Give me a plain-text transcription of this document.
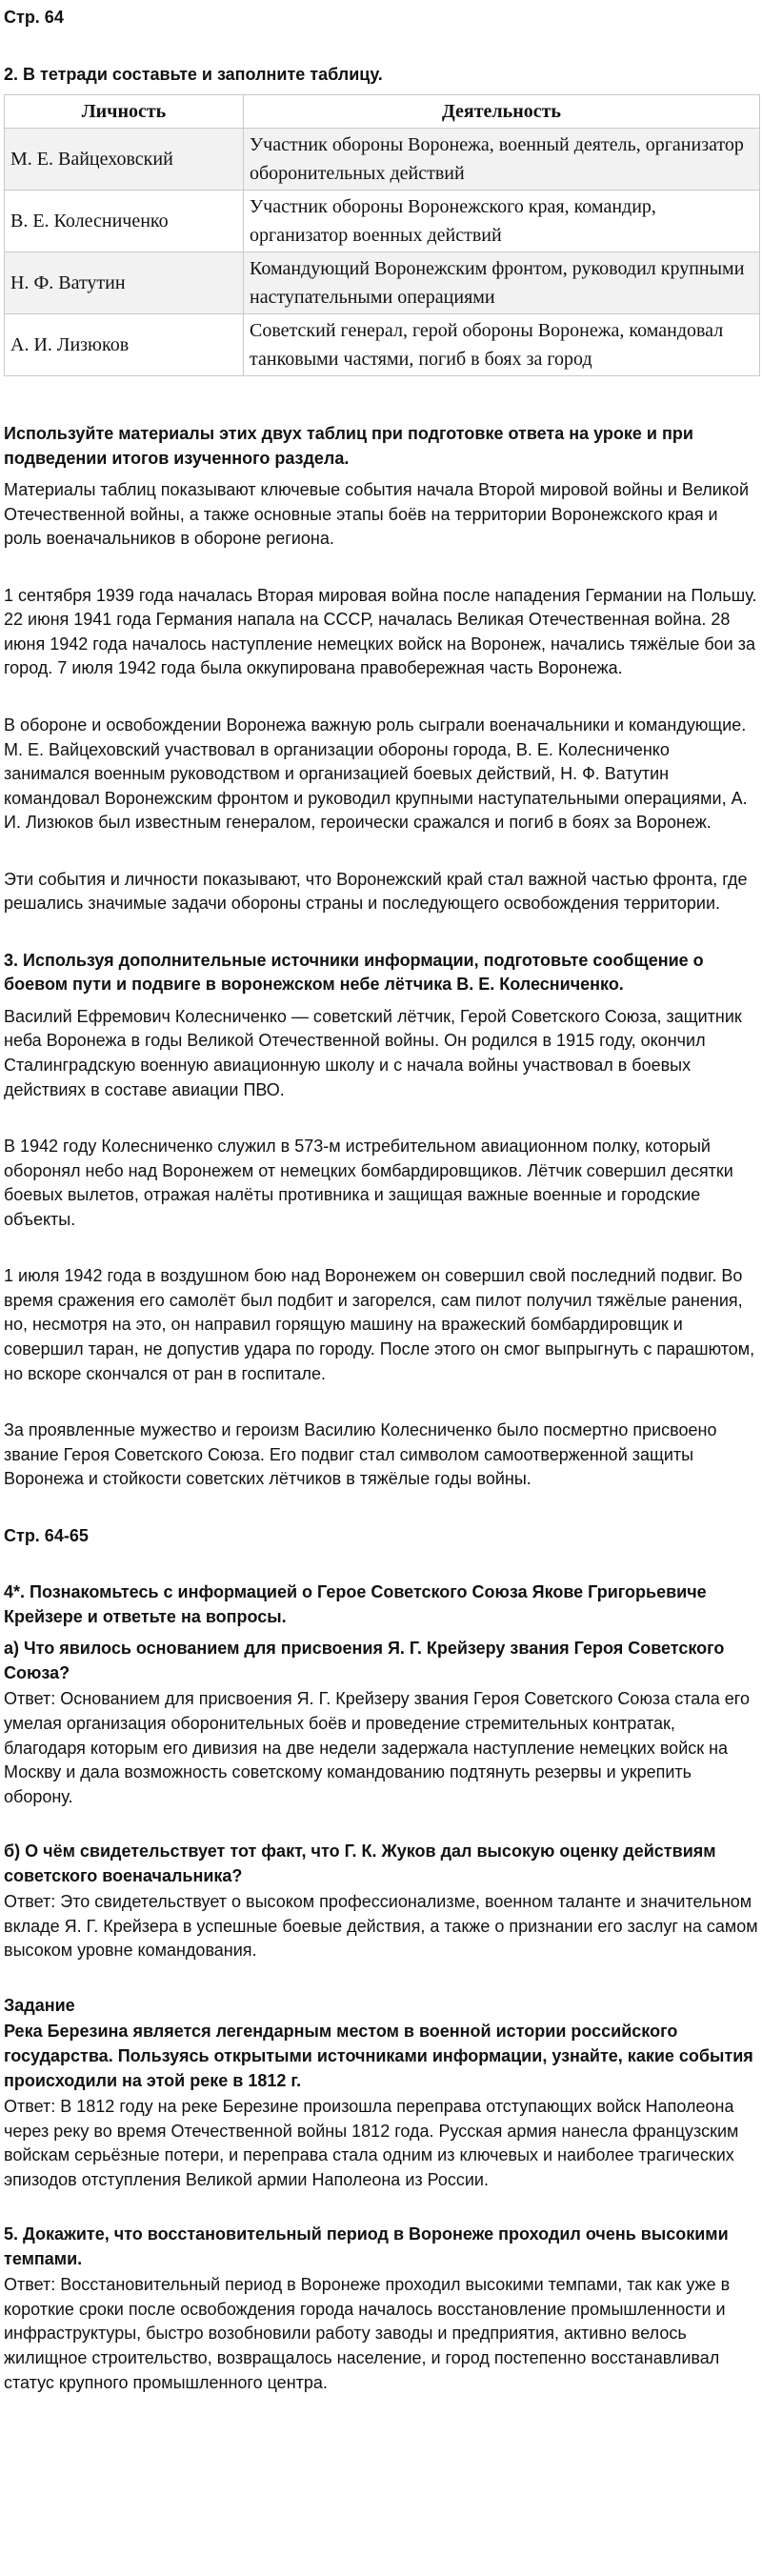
Стр. 64

2. В тетради составьте и заполните таблицу.

Личность	Деятельность
М. Е. Вайцеховский	Участник обороны Воронежа, военный деятель, организатор оборонительных действий
В. Е. Колесниченко	Участник обороны Воронежского края, командир, организатор военных действий
Н. Ф. Ватутин	Командующий Воронежским фронтом, руководил крупными наступательными операциями
А. И. Лизюков	Советский генерал, герой обороны Воронежа, командовал танковыми частями, погиб в боях за город

Используйте материалы этих двух таблиц при подготовке ответа на уроке и при подведении итогов изученного раздела.

Материалы таблиц показывают ключевые события начала Второй мировой войны и Великой Отечественной войны, а также основные этапы боёв на территории Воронежского края и роль военачальников в обороне региона.

1 сентября 1939 года началась Вторая мировая война после нападения Германии на Польшу. 22 июня 1941 года Германия напала на СССР, началась Великая Отечественная война. 28 июня 1942 года началось наступление немецких войск на Воронеж, начались тяжёлые бои за город. 7 июля 1942 года была оккупирована правобережная часть Воронежа.

В обороне и освобождении Воронежа важную роль сыграли военачальники и командующие. М. Е. Вайцеховский участвовал в организации обороны города, В. Е. Колесниченко занимался военным руководством и организацией боевых действий, Н. Ф. Ватутин командовал Воронежским фронтом и руководил крупными наступательными операциями, А. И. Лизюков был известным генералом, героически сражался и погиб в боях за Воронеж.

Эти события и личности показывают, что Воронежский край стал важной частью фронта, где решались значимые задачи обороны страны и последующего освобождения территории.

3. Используя дополнительные источники информации, подготовьте сообщение о боевом пути и подвиге в воронежском небе лётчика В. Е. Колесниченко.

Василий Ефремович Колесниченко — советский лётчик, Герой Советского Союза, защитник неба Воронежа в годы Великой Отечественной войны. Он родился в 1915 году, окончил Сталинградскую военную авиационную школу и с начала войны участвовал в боевых действиях в составе авиации ПВО.

В 1942 году Колесниченко служил в 573-м истребительном авиационном полку, который оборонял небо над Воронежем от немецких бомбардировщиков. Лётчик совершил десятки боевых вылетов, отражая налёты противника и защищая важные военные и городские объекты.

1 июля 1942 года в воздушном бою над Воронежем он совершил свой последний подвиг. Во время сражения его самолёт был подбит и загорелся, сам пилот получил тяжёлые ранения, но, несмотря на это, он направил горящую машину на вражеский бомбардировщик и совершил таран, не допустив удара по городу. После этого он смог выпрыгнуть с парашютом, но вскоре скончался от ран в госпитале.

За проявленные мужество и героизм Василию Колесниченко было посмертно присвоено звание Героя Советского Союза. Его подвиг стал символом самоотверженной защиты Воронежа и стойкости советских лётчиков в тяжёлые годы войны.

Стр. 64-65

4*. Познакомьтесь с информацией о Герое Советского Союза Якове Григорьевиче Крейзере и ответьте на вопросы.

а) Что явилось основанием для присвоения Я. Г. Крейзеру звания Героя Советского Союза?

Ответ: Основанием для присвоения Я. Г. Крейзеру звания Героя Советского Союза стала его умелая организация оборонительных боёв и проведение стремительных контратак, благодаря которым его дивизия на две недели задержала наступление немецких войск на Москву и дала возможность советскому командованию подтянуть резервы и укрепить оборону.

б) О чём свидетельствует тот факт, что Г. К. Жуков дал высокую оценку действиям советского военачальника?

Ответ: Это свидетельствует о высоком профессионализме, военном таланте и значительном вкладе Я. Г. Крейзера в успешные боевые действия, а также о признании его заслуг на самом высоком уровне командования.

Задание

Река Березина является легендарным местом в военной истории российского государства. Пользуясь открытыми источниками информации, узнайте, какие события происходили на этой реке в 1812 г.

Ответ: В 1812 году на реке Березине произошла переправа отступающих войск Наполеона через реку во время Отечественной войны 1812 года. Русская армия нанесла французским войскам серьёзные потери, и переправа стала одним из ключевых и наиболее трагических эпизодов отступления Великой армии Наполеона из России.

5. Докажите, что восстановительный период в Воронеже проходил очень высокими темпами.

Ответ: Восстановительный период в Воронеже проходил высокими темпами, так как уже в короткие сроки после освобождения города началось восстановление промышленности и инфраструктуры, быстро возобновили работу заводы и предприятия, активно велось жилищное строительство, возвращалось население, и город постепенно восстанавливал статус крупного промышленного центра.
